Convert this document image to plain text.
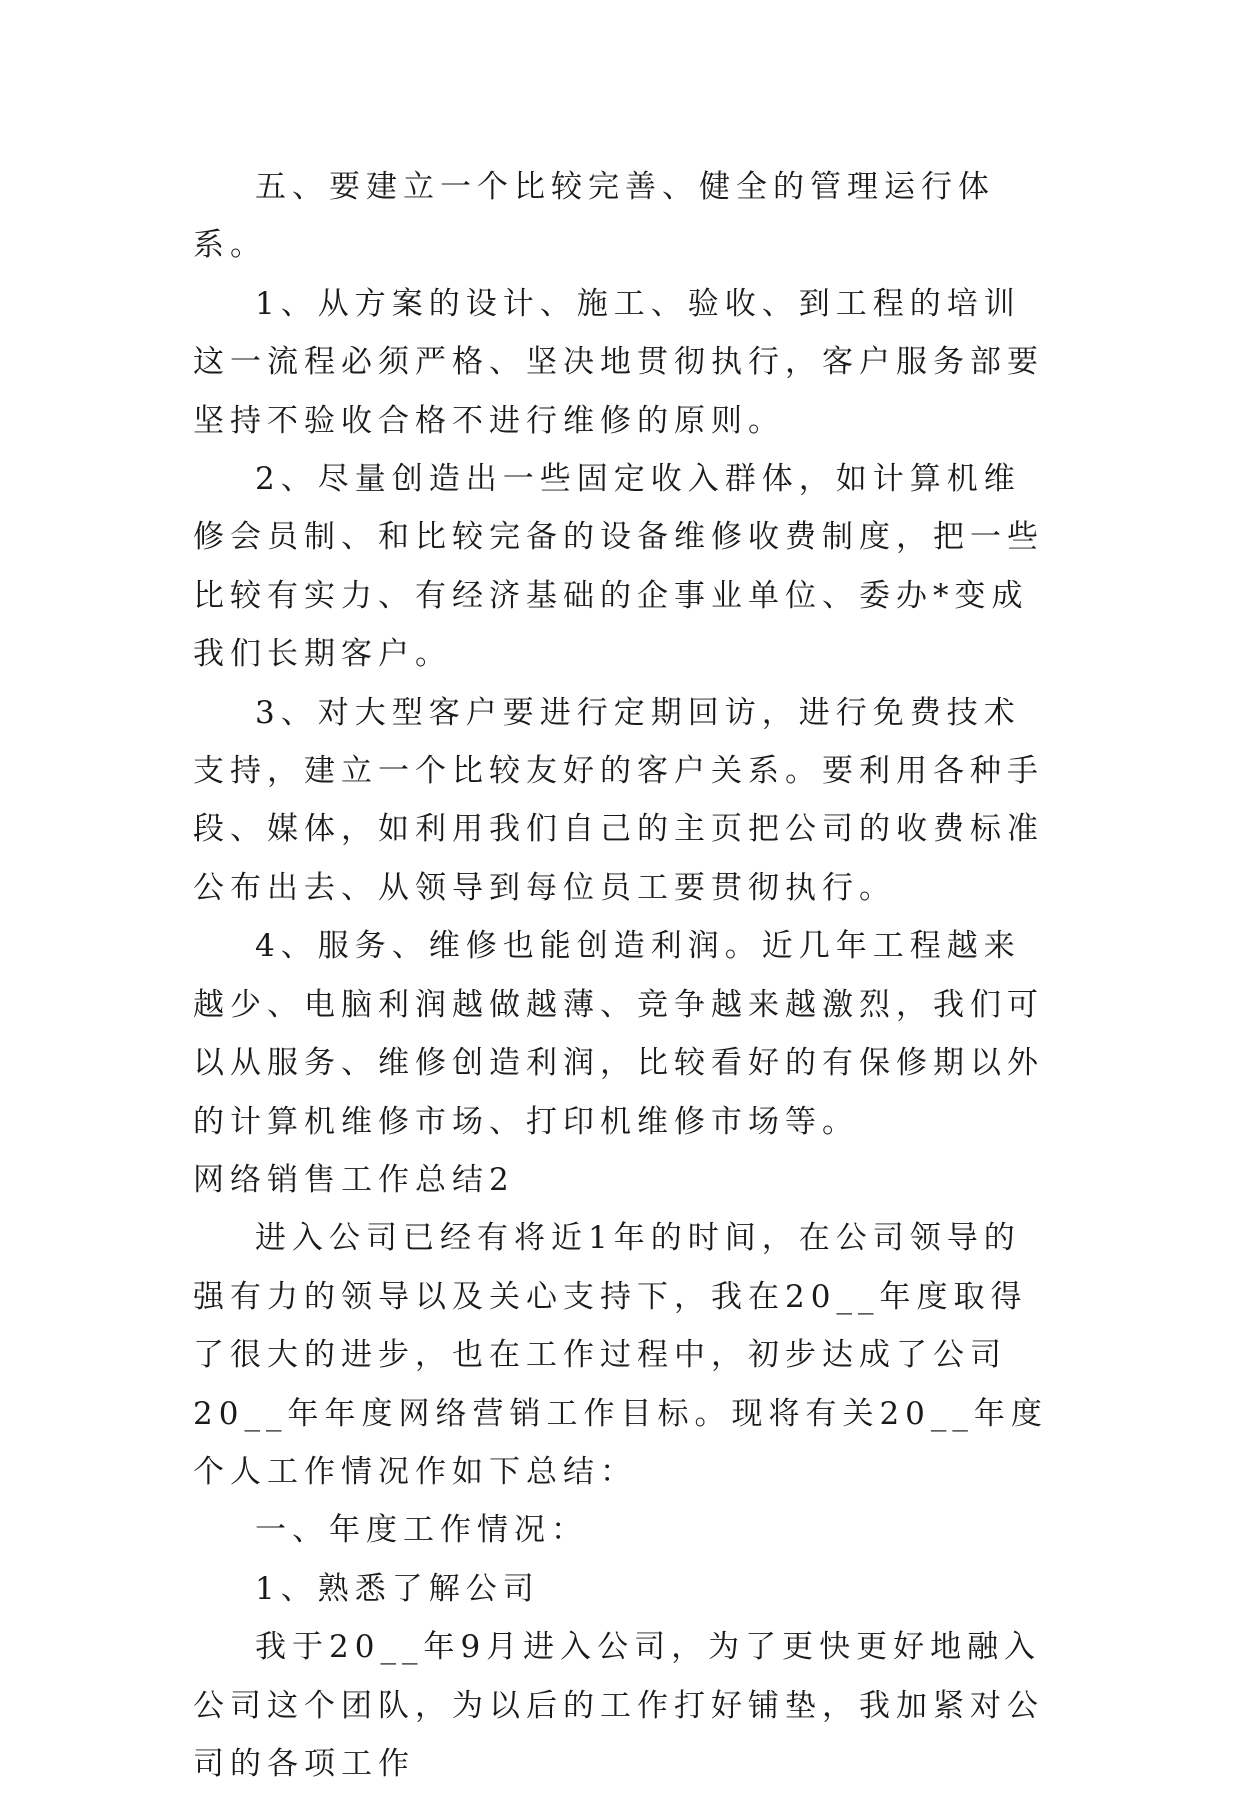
五、要建立一个比较完善、健全的管理运行体系。

1、从方案的设计、施工、验收、到工程的培训这一流程必须严格、坚决地贯彻执行，客户服务部要坚持不验收合格不进行维修的原则。

2、尽量创造出一些固定收入群体，如计算机维修会员制、和比较完备的设备维修收费制度，把一些比较有实力、有经济基础的企事业单位、委办*变成我们长期客户。

3、对大型客户要进行定期回访，进行免费技术支持，建立一个比较友好的客户关系。要利用各种手段、媒体，如利用我们自己的主页把公司的收费标准公布出去、从领导到每位员工要贯彻执行。

4、服务、维修也能创造利润。近几年工程越来越少、电脑利润越做越薄、竞争越来越激烈，我们可以从服务、维修创造利润，比较看好的有保修期以外的计算机维修市场、打印机维修市场等。

网络销售工作总结2

进入公司已经有将近1年的时间，在公司领导的强有力的领导以及关心支持下，我在20__年度取得了很大的进步，也在工作过程中，初步达成了公司20__年年度网络营销工作目标。现将有关20__年度个人工作情况作如下总结：

一、年度工作情况：

1、熟悉了解公司

我于20__年9月进入公司，为了更快更好地融入公司这个团队，为以后的工作打好铺垫，我加紧对公司的各项工作
